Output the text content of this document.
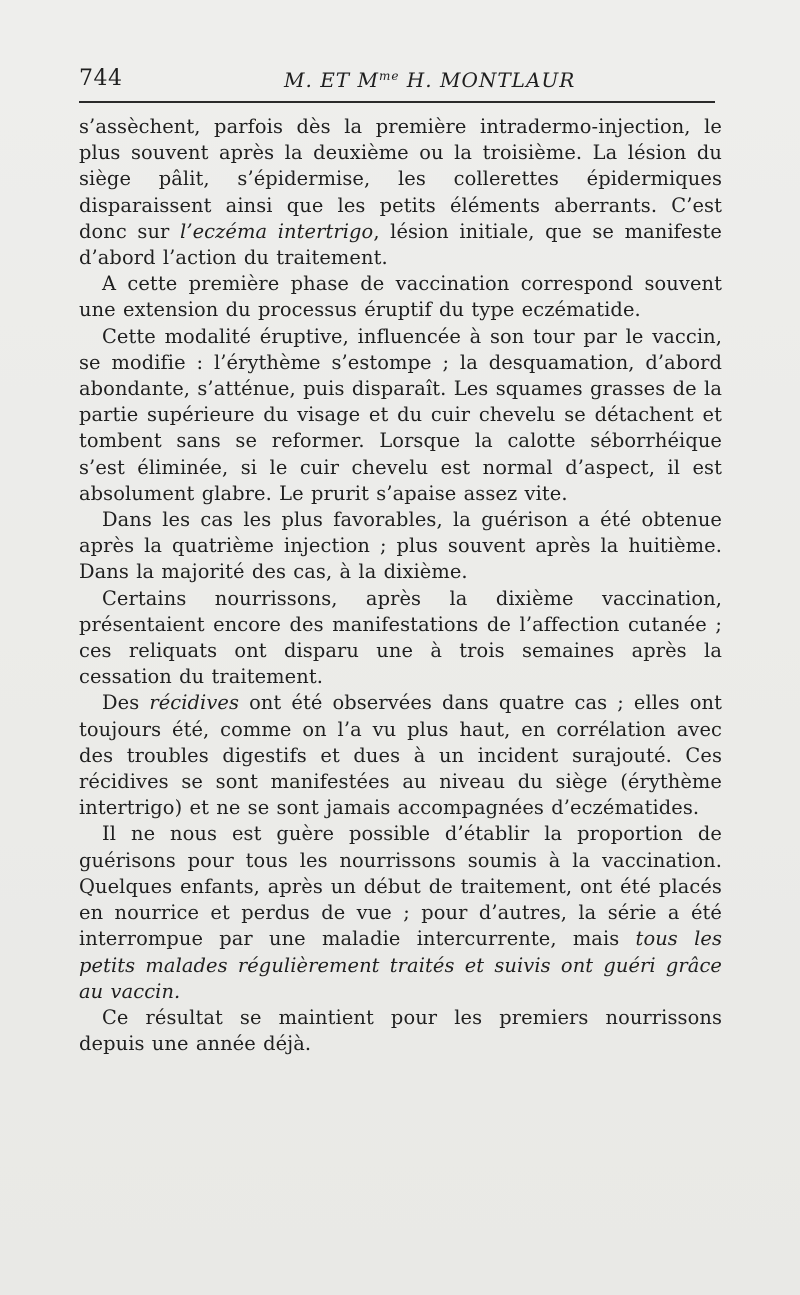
744	M. ET $M^{me}$ H. MONTLAUR

s’assèchent, parfois dès la première intradermo-injection, le plus souvent après la deuxième ou la troisième. La lésion du siège pâlit, s’épidermise, les collerettes épidermiques disparaissent ainsi que les petits éléments aberrants. C’est donc sur l’eczéma intertrigo, lésion initiale, que se manifeste d’abord l’action du traitement.

A cette première phase de vaccination correspond souvent une extension du processus éruptif du type eczématide.

Cette modalité éruptive, influencée à son tour par le vaccin, se modifie : l’érythème s’estompe ; la desquamation, d’abord abondante, s’atténue, puis disparaît. Les squames grasses de la partie supérieure du visage et du cuir chevelu se détachent et tombent sans se reformer. Lorsque la calotte séborrhéique s’est éliminée, si le cuir chevelu est normal d’aspect, il est absolument glabre. Le prurit s’apaise assez vite.

Dans les cas les plus favorables, la guérison a été obtenue après la quatrième injection ; plus souvent après la huitième. Dans la majorité des cas, à la dixième.

Certains nourrissons, après la dixième vaccination, présentaient encore des manifestations de l’affection cutanée ; ces reliquats ont disparu une à trois semaines après la cessation du traitement.

Des récidives ont été observées dans quatre cas ; elles ont toujours été, comme on l’a vu plus haut, en corrélation avec des troubles digestifs et dues à un incident surajouté. Ces récidives se sont manifestées au niveau du siège (érythème intertrigo) et ne se sont jamais accompagnées d’eczématides.

Il ne nous est guère possible d’établir la proportion de guérisons pour tous les nourrissons soumis à la vaccination. Quelques enfants, après un début de traitement, ont été placés en nourrice et perdus de vue ; pour d’autres, la série a été interrompue par une maladie intercurrente, mais tous les petits malades régulièrement traités et suivis ont guéri grâce au vaccin.

Ce résultat se maintient pour les premiers nourrissons depuis une année déjà.
